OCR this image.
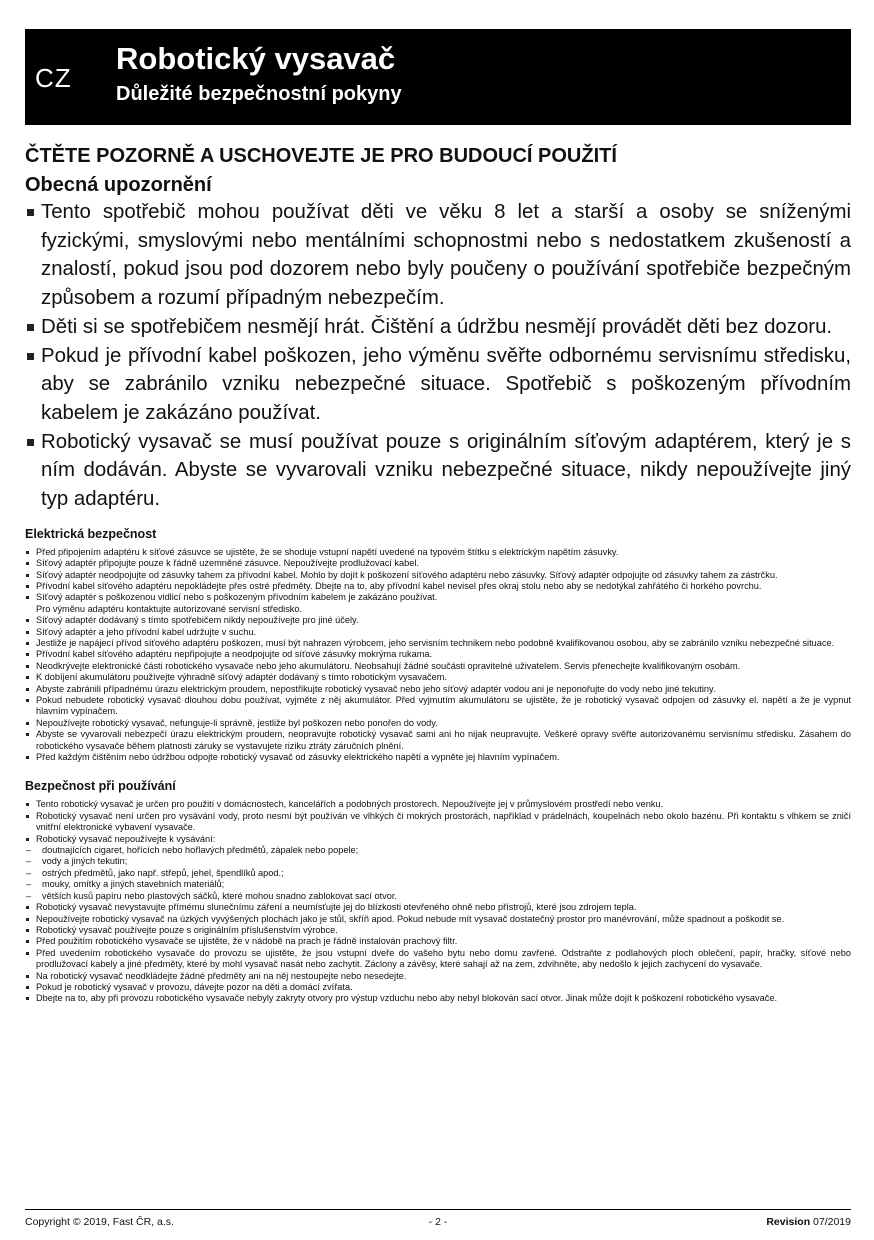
CZ
Robotický vysavač
Důležité bezpečnostní pokyny
ČTĚTE POZORNĚ A USCHOVEJTE JE PRO BUDOUCÍ POUŽITÍ
Obecná upozornění
Tento spotřebič mohou používat děti ve věku 8 let a starší a osoby se sníženými fyzickými, smyslovými nebo mentálními schopnostmi nebo s nedostatkem zkušeností a znalostí, pokud jsou pod dozorem nebo byly poučeny o používání spotřebiče bezpečným způsobem a rozumí případným nebezpečím.
Děti si se spotřebičem nesmějí hrát. Čištění a údržbu nesmějí provádět děti bez dozoru.
Pokud je přívodní kabel poškozen, jeho výměnu svěřte odbornému servisnímu středisku, aby se zabránilo vzniku nebezpečné situace. Spotřebič s poškozeným přívodním kabelem je zakázáno používat.
Robotický vysavač se musí používat pouze s originálním síťovým adaptérem, který je s ním dodáván. Abyste se vyvarovali vzniku nebezpečné situace, nikdy nepoužívejte jiný typ adaptéru.
Elektrická bezpečnost
Před připojením adaptéru k síťové zásuvce se ujistěte, že se shoduje vstupní napětí uvedené na typovém štítku s elektrickým napětím zásuvky.
Síťový adaptér připojujte pouze k řádně uzemněné zásuvce. Nepoužívejte prodlužovací kabel.
Síťový adaptér neodpojujte od zásuvky tahem za přívodní kabel. Mohlo by dojít k poškození síťového adaptéru nebo zásuvky. Síťový adaptér odpojujte od zásuvky tahem za zástrčku.
Přívodní kabel síťového adaptéru nepokládejte přes ostré předměty. Dbejte na to, aby přívodní kabel nevisel přes okraj stolu nebo aby se nedotýkal zahřátého či horkého povrchu.
Síťový adaptér s poškozenou vidlicí nebo s poškozeným přívodním kabelem je zakázáno používat.
Pro výměnu adaptéru kontaktujte autorizované servisní středisko.
Síťový adaptér dodávaný s tímto spotřebičem nikdy nepoužívejte pro jiné účely.
Síťový adaptér a jeho přívodní kabel udržujte v suchu.
Jestliže je napájecí přívod síťového adaptéru poškozen, musí být nahrazen výrobcem, jeho servisním technikem nebo podobně kvalifikovanou osobou, aby se zabránilo vzniku nebezpečné situace.
Přívodní kabel síťového adaptéru nepřipojujte a neodpojujte od síťové zásuvky mokrýma rukama.
Neodkrývejte elektronické části robotického vysavače nebo jeho akumulátoru. Neobsahují žádné součásti opravitelné uživatelem. Servis přenechejte kvalifikovaným osobám.
K dobíjení akumulátoru používejte výhradně síťový adaptér dodávaný s tímto robotickým vysavačem.
Abyste zabránili případnému úrazu elektrickým proudem, nepostřikujte robotický vysavač nebo jeho síťový adaptér vodou ani je neponořujte do vody nebo jiné tekutiny.
Pokud nebudete robotický vysavač dlouhou dobu používat, vyjměte z něj akumulátor. Před vyjmutím akumulátoru se ujistěte, že je robotický vysavač odpojen od zásuvky el. napětí a že je vypnut hlavním vypínačem.
Nepoužívejte robotický vysavač, nefunguje-li správně, jestliže byl poškozen nebo ponořen do vody.
Abyste se vyvarovali nebezpečí úrazu elektrickým proudem, neopravujte robotický vysavač sami ani ho nijak neupravujte. Veškeré opravy svěřte autorizovanému servisnímu středisku. Zásahem do robotického vysavače během platnosti záruky se vystavujete riziku ztráty záručních plnění.
Před každým čištěním nebo údržbou odpojte robotický vysavač od zásuvky elektrického napětí a vypněte jej hlavním vypínačem.
Bezpečnost při používání
Tento robotický vysavač je určen pro použití v domácnostech, kancelářích a podobných prostorech. Nepoužívejte jej v průmyslovém prostředí nebo venku.
Robotický vysavač není určen pro vysávání vody, proto nesmí být používán ve vlhkých či mokrých prostorách, například v prádelnách, koupelnách nebo okolo bazénu. Při kontaktu s vlhkem se zničí vnitřní elektronické vybavení vysavače.
Robotický vysavač nepoužívejte k vysávání:
– doutnajících cigaret, hořících nebo hořlavých předmětů, zápalek nebo popele;
– vody a jiných tekutin;
– ostrých předmětů, jako např. střepů, jehel, špendlíků apod.;
– mouky, omítky a jiných stavebních materiálů;
– větších kusů papíru nebo plastových sáčků, které mohou snadno zablokovat sací otvor.
Robotický vysavač nevystavujte přímému slunečnímu záření a neumísťujte jej do blízkosti otevřeného ohně nebo přístrojů, které jsou zdrojem tepla.
Nepoužívejte robotický vysavač na úzkých vyvýšených plochách jako je stůl, skříň apod. Pokud nebude mít vysavač dostatečný prostor pro manévrování, může spadnout a poškodit se.
Robotický vysavač používejte pouze s originálním příslušenstvím výrobce.
Před použitím robotického vysavače se ujistěte, že v nádobě na prach je řádně instalován prachový filtr.
Před uvedením robotického vysavače do provozu se ujistěte, že jsou vstupní dveře do vašeho bytu nebo domu zavřené. Odstraňte z podlahových ploch oblečení, papír, hračky, síťové nebo prodlužovací kabely a jiné předměty, které by mohl vysavač nasát nebo zachytit. Záclony a závěsy, které sahají až na zem, zdvihněte, aby nedošlo k jejich zachycení do vysavače.
Na robotický vysavač neodkládejte žádné předměty ani na něj nestoupejte nebo nesedejte.
Pokud je robotický vysavač v provozu, dávejte pozor na děti a domácí zvířata.
Dbejte na to, aby při provozu robotického vysavače nebyly zakryty otvory pro výstup vzduchu nebo aby nebyl blokován sací otvor. Jinak může dojít k poškození robotického vysavače.
Copyright © 2019, Fast ČR, a.s.	- 2 -	Revision 07/2019
